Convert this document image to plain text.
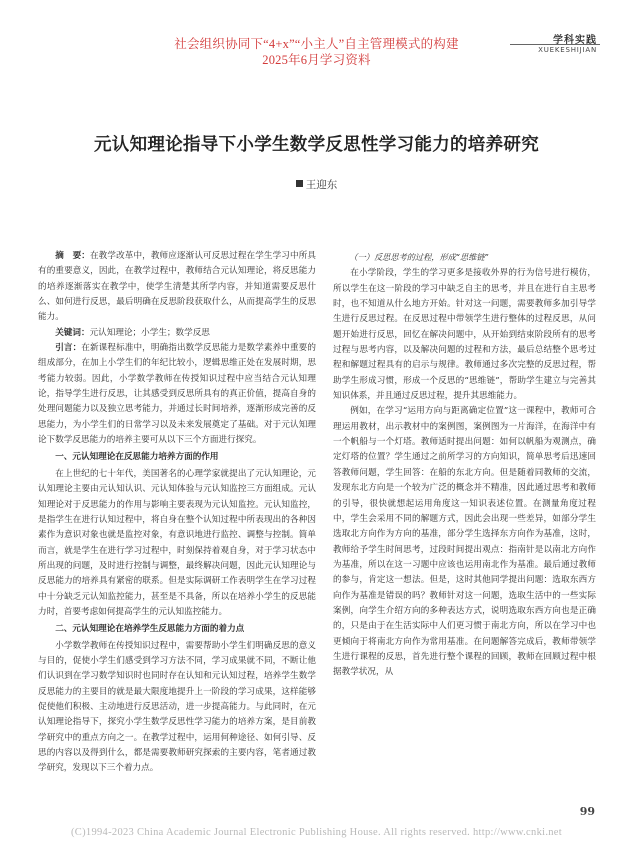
社会组织协同下“4+x”“小主人”自主管理模式的构建
2025年6月学习资料
学科实践
XUEKESHIJIAN
元认知理论指导下小学生数学反思性学习能力的培养研究
王迎东

摘　要：在教学改革中，教师应逐渐认可反思过程在学生学习中所具有的重要意义，因此，在教学过程中，教师结合元认知理论，将反思能力的培养逐渐落实在教学中，使学生清楚其所学内容，并知道需要反思什么、如何进行反思，最后明确在反思阶段获取什么，从而提高学生的反思能力。

关键词：元认知理论；小学生；数学反思

引言：在新课程标准中，明确指出数学反思能力是数学素养中重要的组成部分，在加上小学生们的年纪比较小，逻辑思维正处在发展时期，思考能力较弱。因此，小学数学教师在传授知识过程中应当结合元认知理论，指导学生进行反思，让其感受到反思所具有的真正价值，提高自身的处理问题能力以及独立思考能力，并通过长时间培养，逐渐形成完善的反思能力，为小学生们的日常学习以及未来发展奠定了基础。对于元认知理论下数学反思能力的培养主要可从以下三个方面进行探究。

一、元认知理论在反思能力培养方面的作用

在上世纪的七十年代，美国著名的心理学家就提出了元认知理论，元认知理论主要由元认知认识、元认知体验与元认知监控三方面组成。元认知理论对于反思能力的作用与影响主要表现为元认知监控。元认知监控，是指学生在进行认知过程中，将自身在整个认知过程中所表现出的各种因素作为意识对象也就是监控对象，有意识地进行监控、调整与控制。简单而言，就是学生在进行学习过程中，时刻保持着观自身，对于学习状态中所出现的问题，及时进行控制与调整，最终解决问题，因此元认知理论与反思能力的培养具有紧密的联系。但是实际调研工作表明学生在学习过程中十分缺乏元认知监控能力，甚至是不具备，所以在培养小学生的反思能力时，首要考虑如何提高学生的元认知监控能力。

二、元认知理论在培养学生反思能力方面的着力点

小学数学教师在传授知识过程中，需要帮助小学生们明确反思的意义与目的，促使小学生们感受到学习方法不同，学习成果就不同，不断让他们认识到在学习数学知识时也同时存在认知和元认知过程，培养学生数学反思能力的主要目的就是最大限度地提升上一阶段的学习成果，这样能够促使他们积极、主动地进行反思活动，进一步提高能力。与此同时，在元认知理论指导下，探究小学生数学反思性学习能力的培养方案，是目前教学研究中的重点方向之一。在教学过程中，运用何种途径、如何引导、反思的内容以及得到什么，都是需要教师研究探索的主要内容，笔者通过教学研究，发现以下三个着力点。

（一）反思思考的过程，形成“思维链”

在小学阶段，学生的学习更多是接收外界的行为信号进行模仿，所以学生在这一阶段的学习中缺乏自主的思考，并且在进行自主思考时，也不知道从什么地方开始。针对这一问题，需要教师多加引导学生进行反思过程。在反思过程中带领学生进行整体的过程反思，从问题开始进行反思，回忆在解决问题中，从开始到结束阶段所有的思考过程与思考内容，以及解决问题的过程和方法，最后总结整个思考过程和解题过程具有的启示与规律。教师通过多次完整的反思过程，帮助学生形成习惯，形成一个反思的“思维链”，帮助学生建立与完善其知识体系，并且通过反思过程，提升其思维能力。

例如，在学习“运用方向与距离确定位置”这一课程中，教师可合理运用教材，出示教材中的案例图，案例图为一片海洋，在海洋中有一个帆船与一个灯塔。教师适时提出问题：如何以帆船为观测点，确定灯塔的位置？学生通过之前所学习的方向知识，简单思考后迅速回答教师问题，学生回答：在船的东北方向。但是随着同教师的交流，发现东北方向是一个较为广泛的概念并不精准，因此通过思考和教师的引导，很快就想起运用角度这一知识表述位置。在测量角度过程中，学生会采用不同的解题方式，因此会出现一些差异，如部分学生选取北方向作为方向的基准，部分学生选择东方向作为基准，这时，教师给予学生时间思考，过段时间提出观点：指南针是以南北方向作为基准，所以在这一习题中应该也运用南北作为基准。最后通过教师的参与，肯定这一想法。但是，这时其他同学提出问题：选取东西方向作为基准是错误的吗？教师针对这一问题，选取生活中的一些实际案例，向学生介绍方向的多种表达方式，说明选取东西方向也是正确的，只是由于在生活实际中人们更习惯于南北方向，所以在学习中也更倾向于将南北方向作为常用基准。在问题解答完成后，教师带领学生进行课程的反思，首先进行整个课程的回顾，教师在回顾过程中根据教学状况，从

99
(C)1994-2023 China Academic Journal Electronic Publishing House. All rights reserved. http://www.cnki.net
